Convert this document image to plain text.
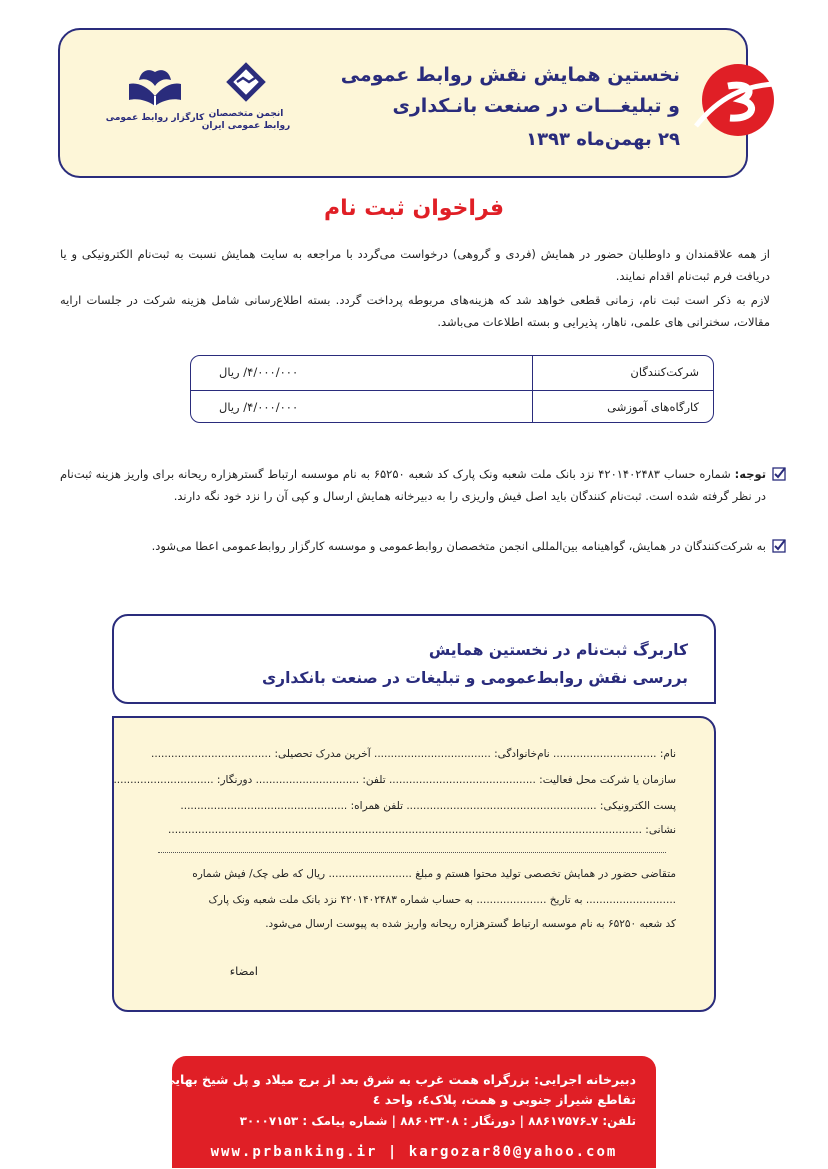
نخستین همایش نقش روابط عمومی
و تبلیغـــات در صنعت بانـکداری
۲۹ بهمن‌ماه ۱۳۹۳
انجمن متخصصان روابط عمومی ایران
کارگزار روابط عمومی
فراخوان ثبت نام
از همه علاقمندان و داوطلبان حضور در همایش (فردی و گروهی) درخواست می‌گردد با مراجعه به سایت همایش نسبت به ثبت‌نام الکترونیکی و یا دریافت فرم ثبت‌نام اقدام نمایند.
لازم به ذکر است ثبت نام، زمانی قطعی خواهد شد که هزینه‌های مربوطه پرداخت گردد. بسته اطلاع‌رسانی شامل هزینه شرکت در جلسات ارایه مقالات، سخنرانی های علمی، ناهار، پذیرایی و بسته اطلاعات می‌باشد.
شرکت‌کنندگان
۴/۰۰۰/۰۰۰/ ریال
کارگاه‌های آموزشی
۴/۰۰۰/۰۰۰/ ریال
توجه: شماره حساب ۴۲۰۱۴۰۲۴۸۳ نزد بانک ملت شعبه ونک پارک کد شعبه ۶۵۲۵۰ به نام موسسه ارتباط گسترهزاره ریحانه برای واریز هزینه ثبت‌نام در نظر گرفته شده است. ثبت‌نام کنندگان باید اصل فیش واریزی را به دبیرخانه همایش ارسال و کپی آن را نزد خود نگه دارند.
به شرکت‌کنندگان در همایش، گواهینامه بین‌المللی انجمن متخصصان روابط‌عمومی و موسسه کارگزار روابط‌عمومی اعطا می‌شود.
کاربرگ ثبت‌نام در نخستین همایش
بررسی نقش روابط‌عمومی و تبلیغات در صنعت بانکداری
نام: ............................... نام‌خانوادگی: ................................... آخرین مدرک تحصیلی: ....................................
سازمان یا شرکت محل فعالیت: ............................................ تلفن: ............................... دورنگار: ..............................
پست الکترونیکی: ......................................................... تلفن همراه: ..................................................
نشانی: ..............................................................................................................................................
متقاضی حضور در همایش تخصصی تولید محتوا هستم و مبلغ ......................... ریال که طی چک/ فیش شماره
........................... به تاریخ ..................... به حساب شماره ۴۲۰۱۴۰۲۴۸۳ نزد بانک ملت شعبه ونک پارک
کد شعبه ۶۵۲۵۰ به نام موسسه ارتباط گسترهزاره ریحانه واریز شده به پیوست ارسال می‌شود.
امضاء
دبیرخانه اجرایی: بزرگراه همت غرب به شرق بعد از برج میلاد و پل شیخ بهایی،
تقاطع شیراز جنوبی و همت، پلاک٤، واحد ٤
تلفن: ۷ـ۸۸۶۱۷۵۷۶ | دورنگار : ۸۸۶۰۲۳۰۸ | شماره پیامک : ۳۰۰۰۷۱۵۳
www.prbanking.ir | kargozar80@yahoo.com
